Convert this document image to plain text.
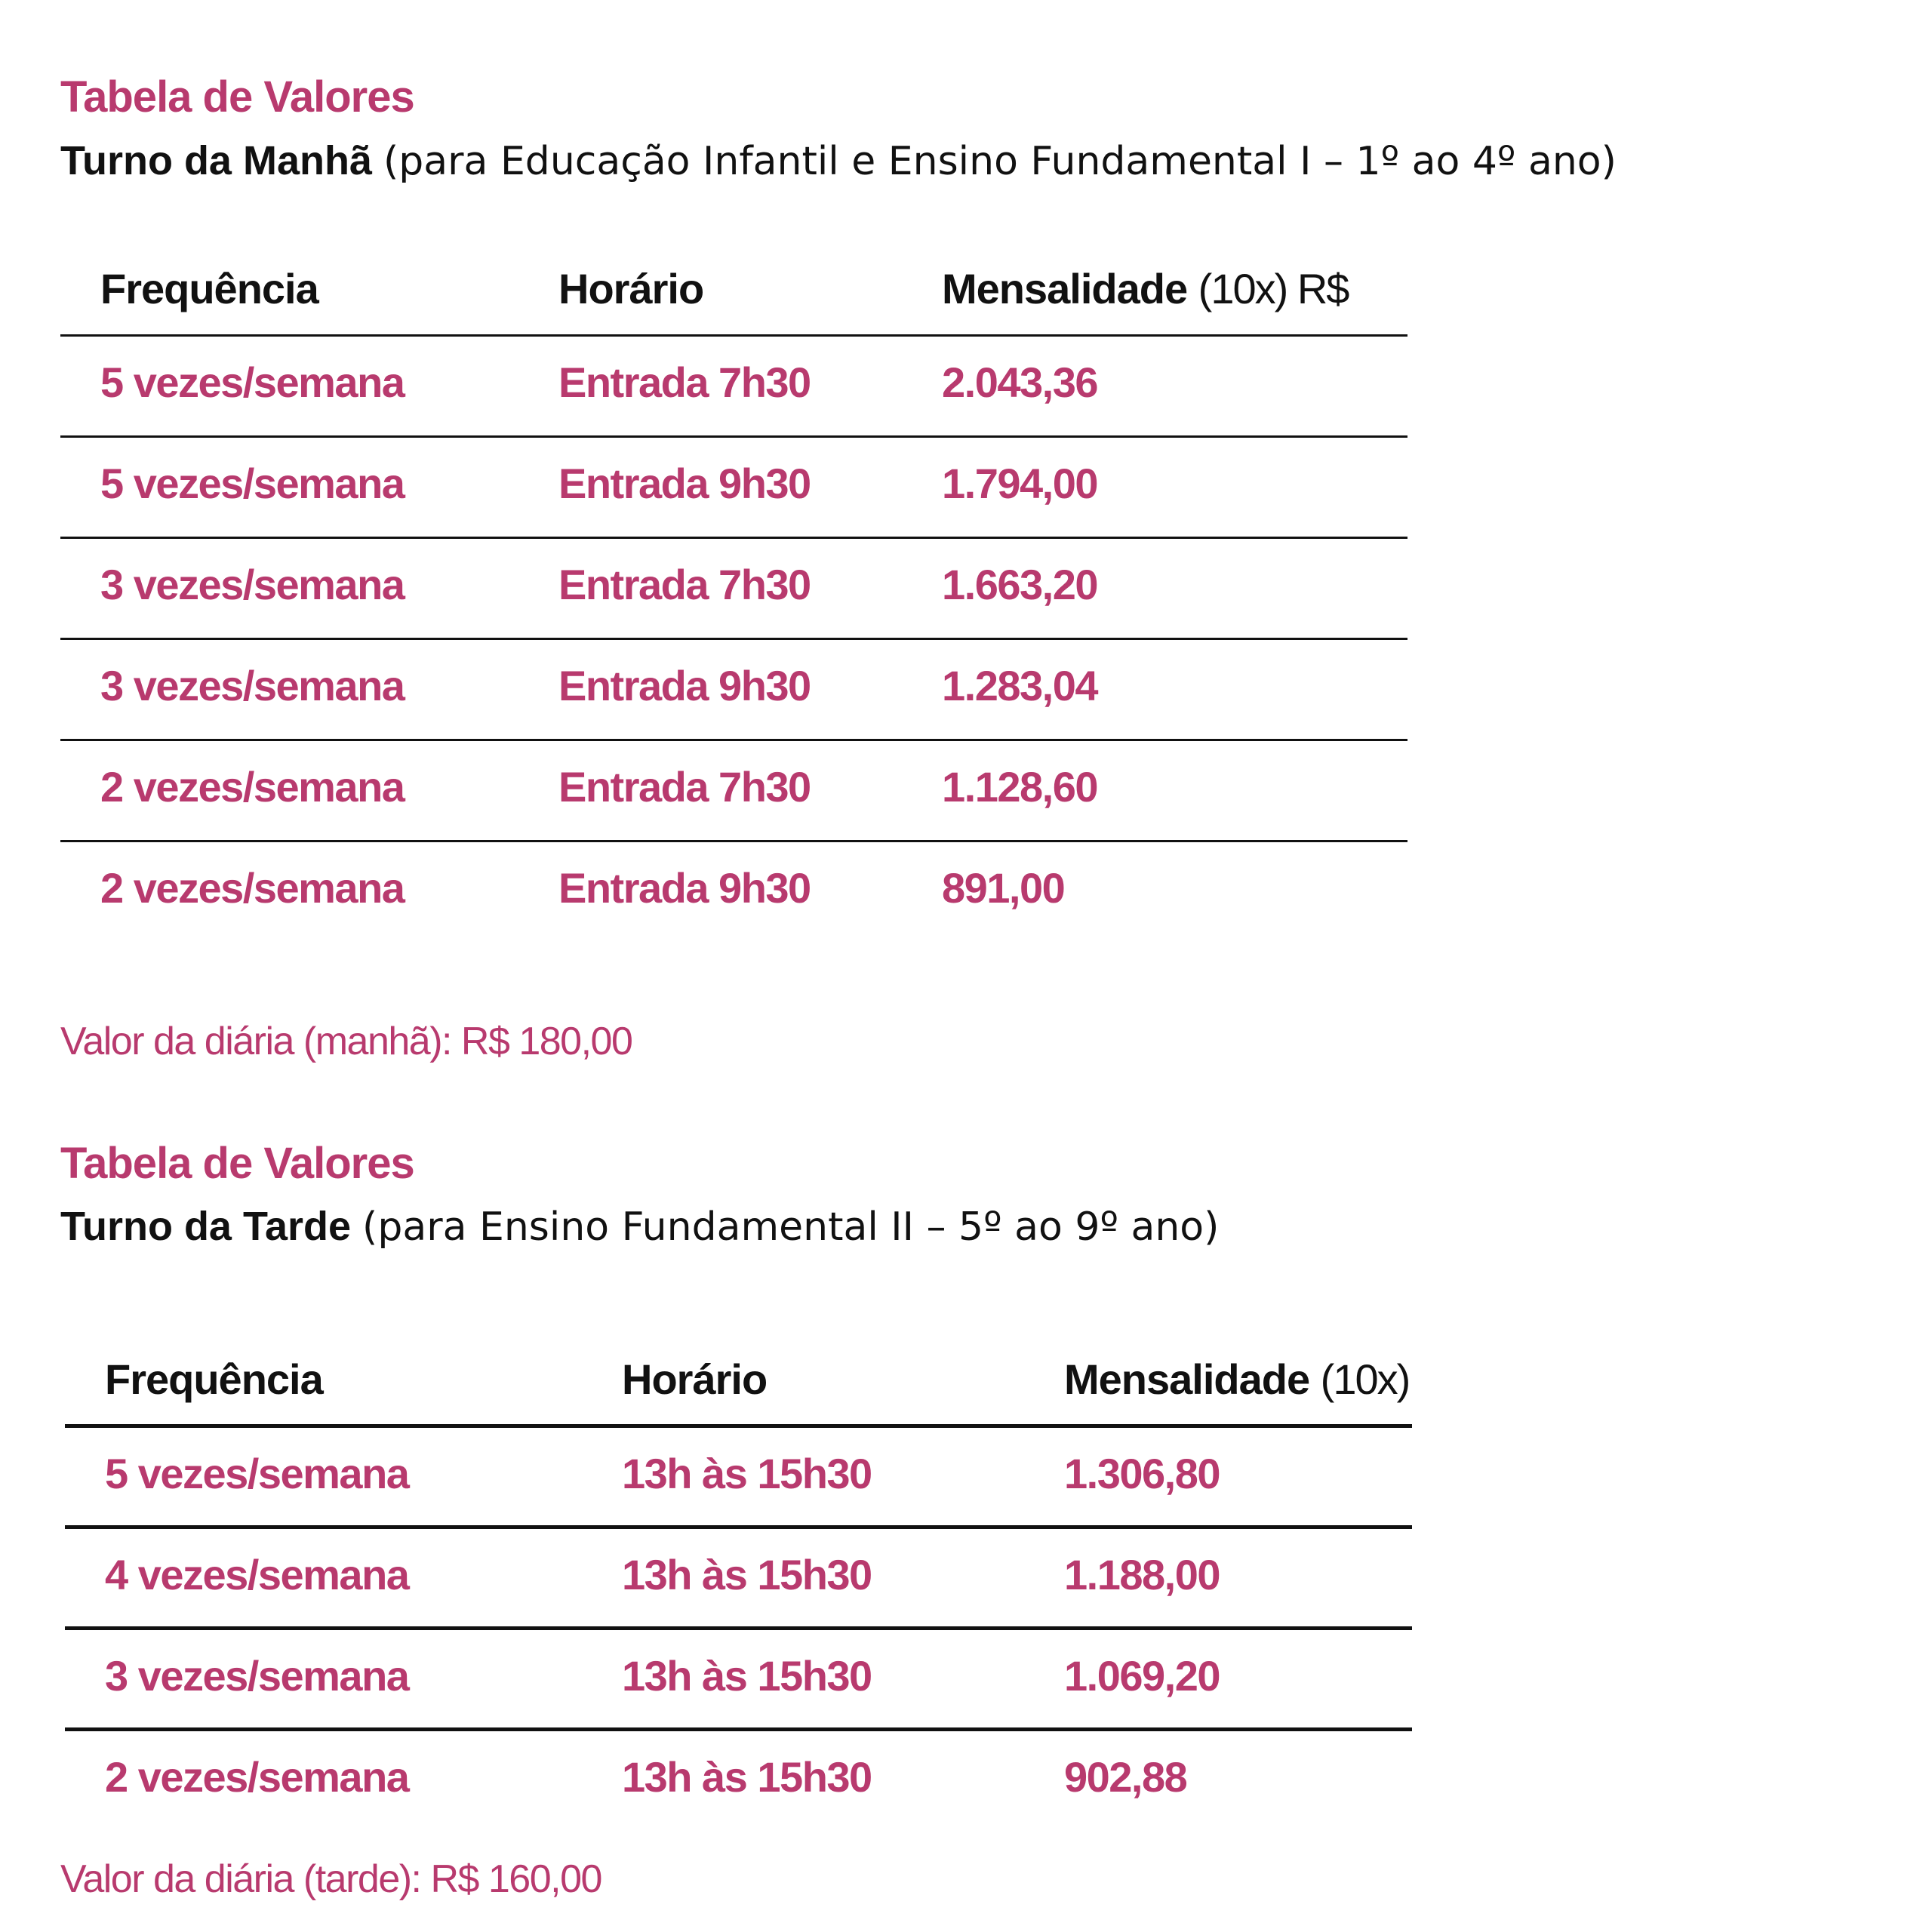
Tabela de Valores

Turno da Manhã (para Educação Infantil e Ensino Fundamental I – 1º ao 4º ano)

Frequência	Horário	Mensalidade (10x) R$
5 vezes/semana	Entrada 7h30	2.043,36
5 vezes/semana	Entrada 9h30	1.794,00
3 vezes/semana	Entrada 7h30	1.663,20
3 vezes/semana	Entrada 9h30	1.283,04
2 vezes/semana	Entrada 7h30	1.128,60
2 vezes/semana	Entrada 9h30	891,00

Valor da diária (manhã): R$ 180,00

Tabela de Valores

Turno da Tarde (para Ensino Fundamental II – 5º ao 9º ano)

Frequência	Horário	Mensalidade (10x)
5 vezes/semana	13h às 15h30	1.306,80
4 vezes/semana	13h às 15h30	1.188,00
3 vezes/semana	13h às 15h30	1.069,20
2 vezes/semana	13h às 15h30	902,88

Valor da diária (tarde): R$ 160,00
